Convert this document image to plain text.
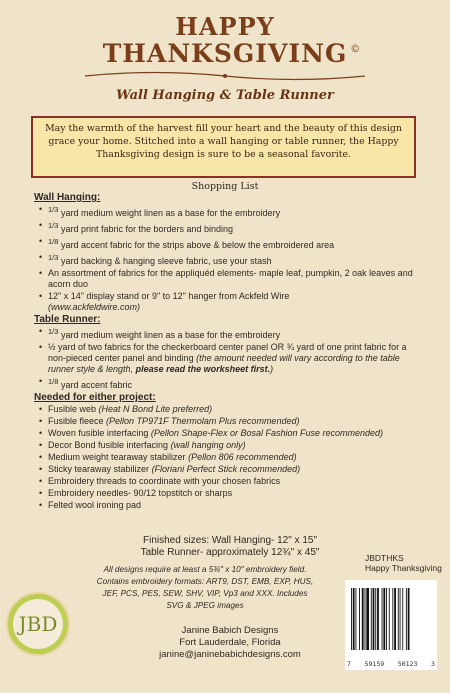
HAPPY
THANKSGIVING ©

Wall Hanging & Table Runner
May the warmth of the harvest fill your heart and the beauty of this design grace your home. Stitched into a wall hanging or table runner, the Happy Thanksgiving design is sure to be a seasonal favorite.
Shopping List
Wall Hanging:
• $^{1/3}$ yard medium weight linen as a base for the embroidery
• $^{1/3}$ yard print fabric for the borders and binding
• $^{1/8}$ yard accent fabric for the strips above & below the embroidered area
• $^{1/3}$ yard backing & hanging sleeve fabric, use your stash
• An assortment of fabrics for the appliquéd elements- maple leaf, pumpkin, 2 oak leaves and acorn duo
• 12" x 14" display stand or 9" to 12" hanger from Ackfeld Wire
(www.ackfeldwire.com)
Table Runner:
• $^{1/3}$ yard medium weight linen as a base for the embroidery
• ½ yard of two fabrics for the checkerboard center panel OR ¾ yard of one print fabric for a non-pieced center panel and binding (the amount needed will vary according to the table runner style & length, please read the worksheet first.)
• $^{1/8}$ yard accent fabric
Needed for either project:
• Fusible web (Heat N Bond Lite preferred)
• Fusible fleece (Pellon TP971F Thermolam Plus recommended)
• Woven fusible interfacing (Pellon Shape-Flex or Bosal Fashion Fuse recommended)
• Decor Bond fusible interfacing (wall hanging only)
• Medium weight tearaway stabilizer (Pellon 806 recommended)
• Sticky tearaway stabilizer (Floriani Perfect Stick recommended)
• Embroidery threads to coordinate with your chosen fabrics
• Embroidery needles- 90/12 topstitch or sharps
• Felted wool ironing pad
Finished sizes: Wall Hanging- 12" x 15"
Table Runner- approximately 12¾" x 45"
All designs require at least a 5¾" x 10" embroidery field. Contains embroidery formats: ART9, DST, EMB, EXP, HUS, JEF, PCS, PES, SEW, SHV, VIP, Vp3 and XXX. Includes SVG & JPEG images
JBD	Janine Babich Designs
Fort Lauderdale, Florida
janine@janinebabichdesigns.com
JBDTHKS
Happy Thanksgiving
7 59159 50123 3
